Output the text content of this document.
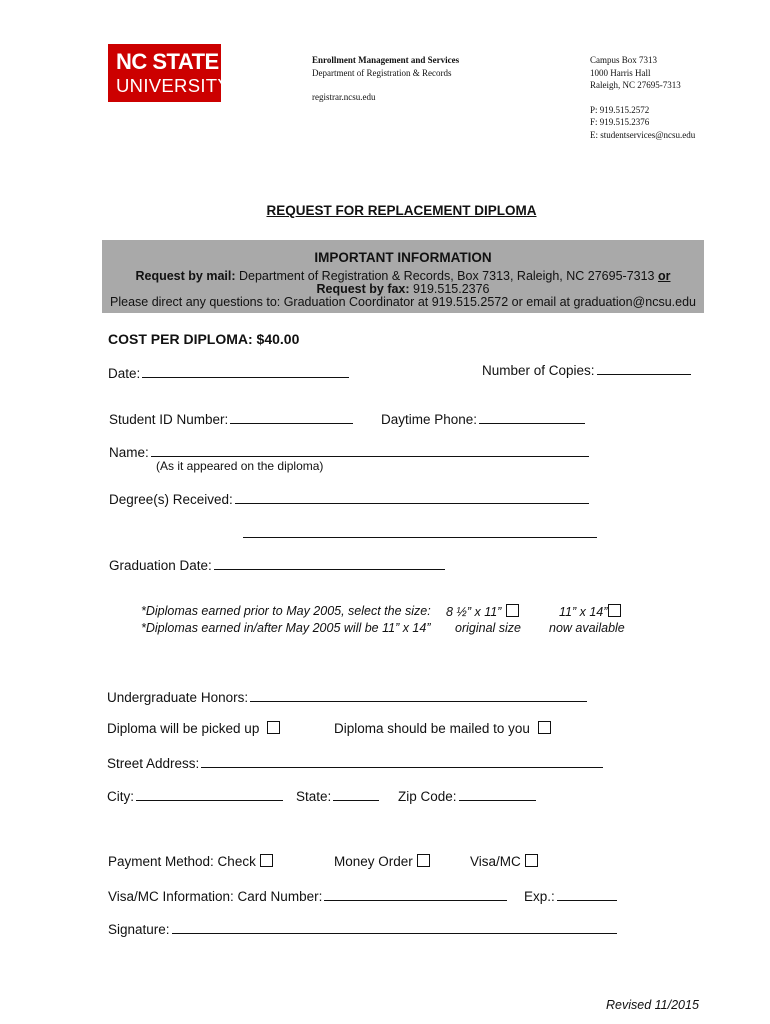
NC STATE
UNIVERSITY
Enrollment Management and Services
Department of Registration & Records
registrar.ncsu.edu
Campus Box 7313
1000 Harris Hall
Raleigh, NC 27695-7313
P: 919.515.2572
F: 919.515.2376
E: studentservices@ncsu.edu
REQUEST FOR REPLACEMENT DIPLOMA
IMPORTANT INFORMATION
Request by mail: Department of Registration & Records, Box 7313, Raleigh, NC 27695-7313 or
Request by fax: 919.515.2376
Please direct any questions to: Graduation Coordinator at 919.515.2572 or email at graduation@ncsu.edu
COST PER DIPLOMA: $40.00
Date:	Number of Copies:
Student ID Number:	Daytime Phone:
Name:
(As it appeared on the diploma)
Degree(s) Received:
Graduation Date:
*Diplomas earned prior to May 2005, select the size:
*Diplomas earned in/after May 2005 will be 11” x 14”
8 ½” x 11”
original size
11” x 14”
now available
Undergraduate Honors:
Diploma will be picked up	Diploma should be mailed to you
Street Address:
City:	State:	Zip Code:
Payment Method: Check	Money Order	Visa/MC
Visa/MC Information: Card Number:	Exp.:
Signature:
Revised 11/2015
